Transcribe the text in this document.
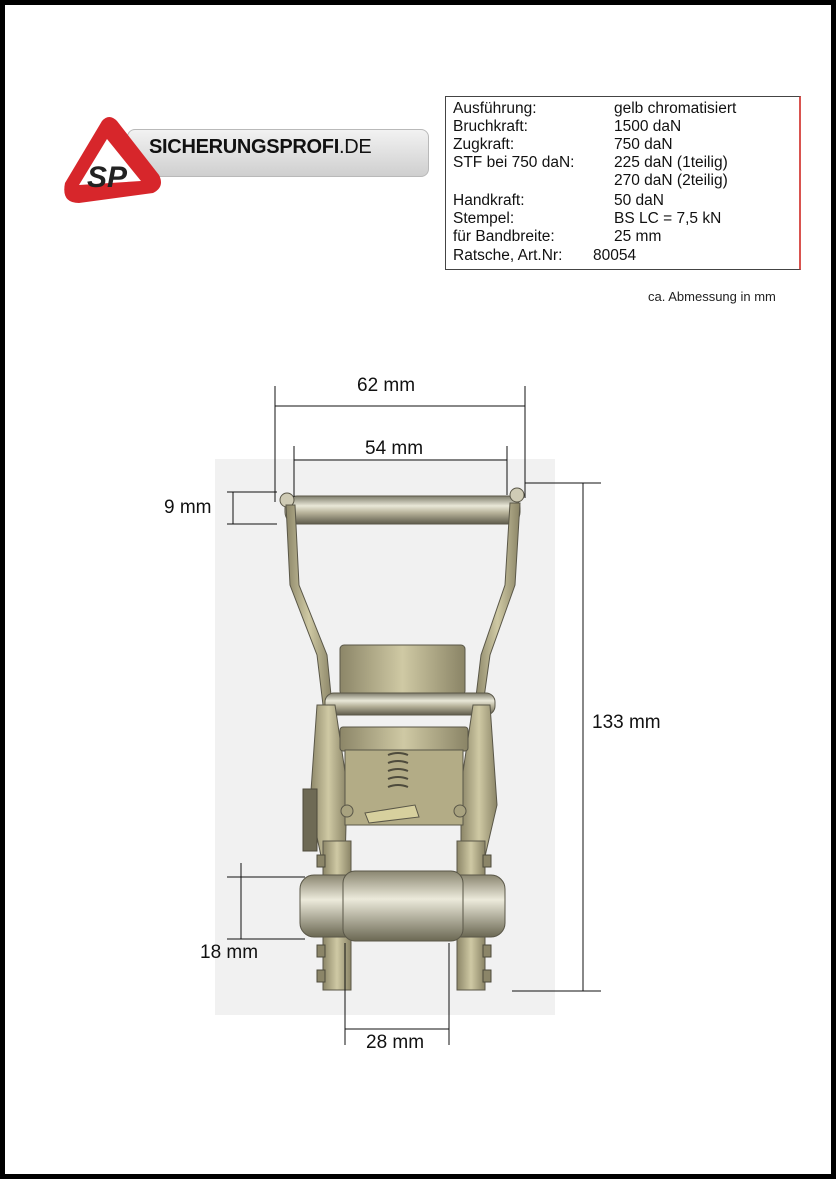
SICHERUNGSPROFI.DE
SP
Ausführung:	gelb chromatisiert
Bruchkraft:	1500 daN
Zugkraft:	750 daN
STF bei 750 daN:	225 daN (1teilig)
270 daN (2teilig)
Handkraft:	50 daN
Stempel:	BS LC = 7,5 kN
für Bandbreite:	25 mm
Ratsche, Art.Nr: 80054
ca. Abmessung in mm
62 mm
54 mm
9 mm
133 mm
18 mm
28 mm
